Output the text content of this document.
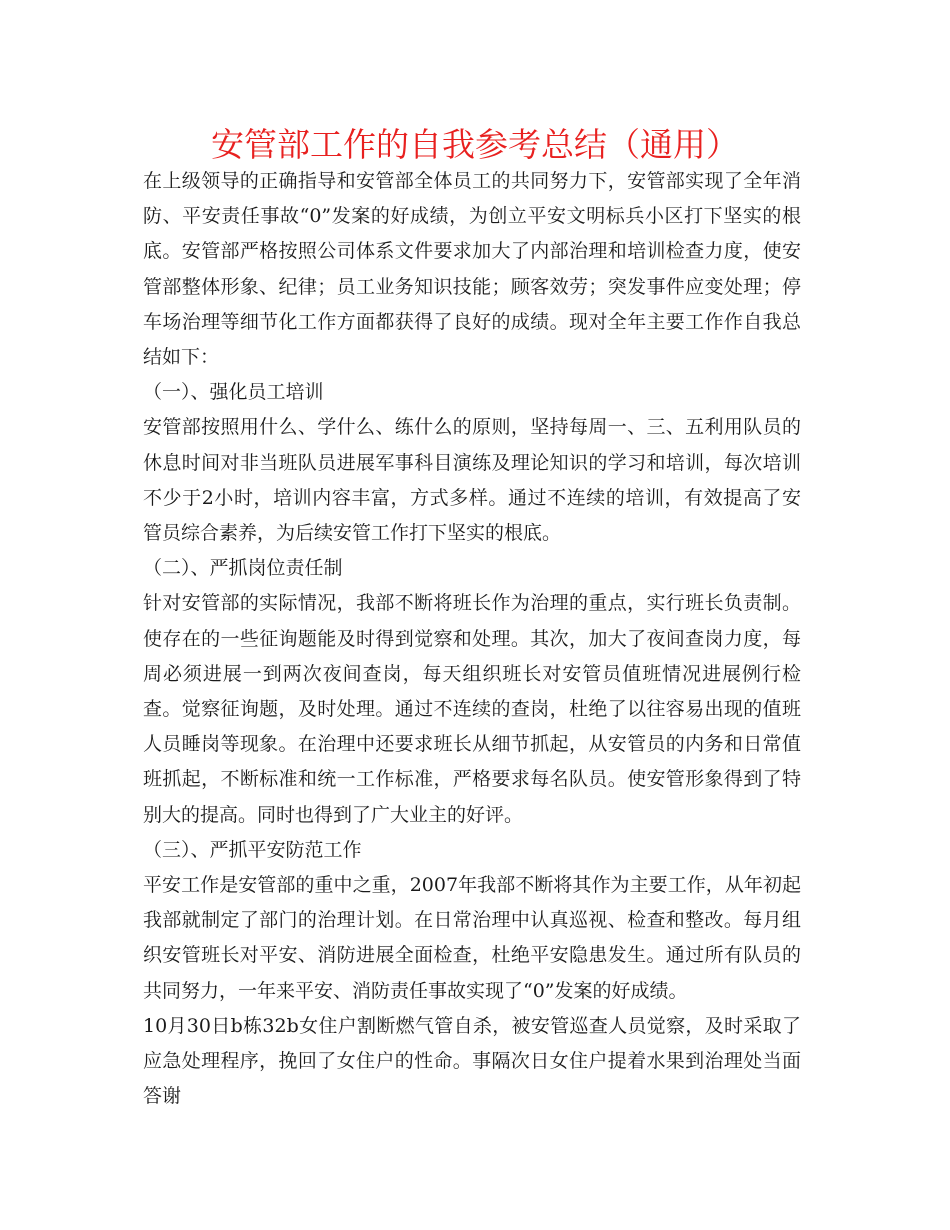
安管部工作的自我参考总结（通用）

在上级领导的正确指导和安管部全体员工的共同努力下，安管部实现了全年消防、平安责任事故“0”发案的好成绩，为创立平安文明标兵小区打下坚实的根底。安管部严格按照公司体系文件要求加大了内部治理和培训检查力度，使安管部整体形象、纪律；员工业务知识技能；顾客效劳；突发事件应变处理；停车场治理等细节化工作方面都获得了良好的成绩。现对全年主要工作作自我总结如下：

（一）、强化员工培训

安管部按照用什么、学什么、练什么的原则，坚持每周一、三、五利用队员的休息时间对非当班队员进展军事科目演练及理论知识的学习和培训，每次培训不少于2小时，培训内容丰富，方式多样。通过不连续的培训，有效提高了安管员综合素养，为后续安管工作打下坚实的根底。

（二）、严抓岗位责任制

针对安管部的实际情况，我部不断将班长作为治理的重点，实行班长负责制。使存在的一些征询题能及时得到觉察和处理。其次，加大了夜间查岗力度，每周必须进展一到两次夜间查岗，每天组织班长对安管员值班情况进展例行检查。觉察征询题，及时处理。通过不连续的查岗，杜绝了以往容易出现的值班人员睡岗等现象。在治理中还要求班长从细节抓起，从安管员的内务和日常值班抓起，不断标准和统一工作标准，严格要求每名队员。使安管形象得到了特别大的提高。同时也得到了广大业主的好评。

（三）、严抓平安防范工作

平安工作是安管部的重中之重，2007年我部不断将其作为主要工作，从年初起我部就制定了部门的治理计划。在日常治理中认真巡视、检查和整改。每月组织安管班长对平安、消防进展全面检查，杜绝平安隐患发生。通过所有队员的共同努力，一年来平安、消防责任事故实现了“0”发案的好成绩。

10月30日b栋32b女住户割断燃气管自杀，被安管巡查人员觉察，及时采取了应急处理程序，挽回了女住户的性命。事隔次日女住户提着水果到治理处当面答谢
